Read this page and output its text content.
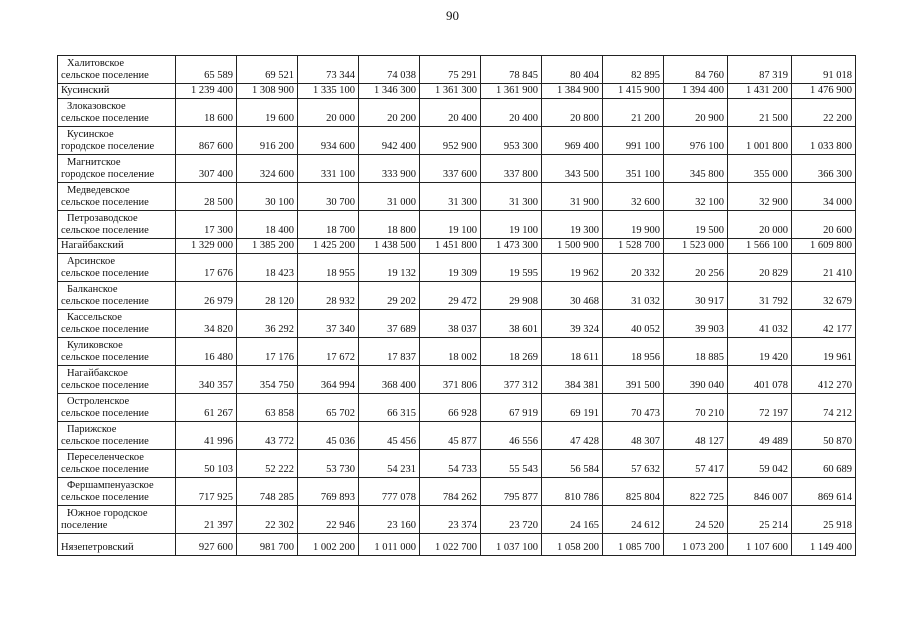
90
Халитовское
сельское поселение	65 589	69 521	73 344	74 038	75 291	78 845	80 404	82 895	84 760	87 319	91 018

Кусинский	1 239 400	1 308 900	1 335 100	1 346 300	1 361 300	1 361 900	1 384 900	1 415 900	1 394 400	1 431 200	1 476 900

Злоказовское
сельское поселение	18 600	19 600	20 000	20 200	20 400	20 400	20 800	21 200	20 900	21 500	22 200

Кусинское
городское поселение	867 600	916 200	934 600	942 400	952 900	953 300	969 400	991 100	976 100	1 001 800	1 033 800

Магнитское
городское поселение	307 400	324 600	331 100	333 900	337 600	337 800	343 500	351 100	345 800	355 000	366 300

Медведевское
сельское поселение	28 500	30 100	30 700	31 000	31 300	31 300	31 900	32 600	32 100	32 900	34 000

Петрозаводское
сельское поселение	17 300	18 400	18 700	18 800	19 100	19 100	19 300	19 900	19 500	20 000	20 600

Нагайбакский	1 329 000	1 385 200	1 425 200	1 438 500	1 451 800	1 473 300	1 500 900	1 528 700	1 523 000	1 566 100	1 609 800

Арсинское
сельское поселение	17 676	18 423	18 955	19 132	19 309	19 595	19 962	20 332	20 256	20 829	21 410

Балканское
сельское поселение	26 979	28 120	28 932	29 202	29 472	29 908	30 468	31 032	30 917	31 792	32 679

Кассельское
сельское поселение	34 820	36 292	37 340	37 689	38 037	38 601	39 324	40 052	39 903	41 032	42 177

Куликовское
сельское поселение	16 480	17 176	17 672	17 837	18 002	18 269	18 611	18 956	18 885	19 420	19 961

Нагайбакское
сельское поселение	340 357	354 750	364 994	368 400	371 806	377 312	384 381	391 500	390 040	401 078	412 270

Остроленское
сельское поселение	61 267	63 858	65 702	66 315	66 928	67 919	69 191	70 473	70 210	72 197	74 212

Парижское
сельское поселение	41 996	43 772	45 036	45 456	45 877	46 556	47 428	48 307	48 127	49 489	50 870

Переселенческое
сельское поселение	50 103	52 222	53 730	54 231	54 733	55 543	56 584	57 632	57 417	59 042	60 689

Фершампенуазское
сельское поселение	717 925	748 285	769 893	777 078	784 262	795 877	810 786	825 804	822 725	846 007	869 614

Южное городское
поселение	21 397	22 302	22 946	23 160	23 374	23 720	24 165	24 612	24 520	25 214	25 918

Нязепетровский	927 600	981 700	1 002 200	1 011 000	1 022 700	1 037 100	1 058 200	1 085 700	1 073 200	1 107 600	1 149 400
